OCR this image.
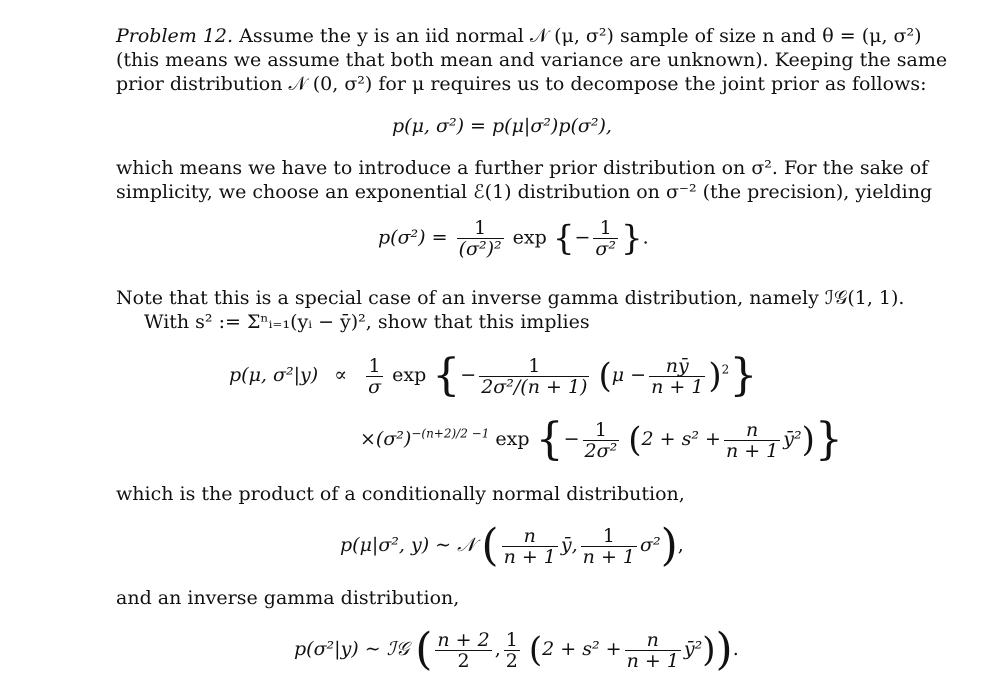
Problem 12. Assume the y is an iid normal 𝒩 (μ, σ²) sample of size n and θ = (μ, σ²)
(this means we assume that both mean and variance are unknown). Keeping the same
prior distribution 𝒩 (0, σ²) for μ requires us to decompose the joint prior as follows:
p(μ, σ²) = p(μ|σ²)p(σ²),
which means we have to introduce a further prior distribution on σ². For the sake of
simplicity, we choose an exponential ℰ(1) distribution on σ⁻² (the precision), yielding
$p(\sigma^2) = \frac{1}{\text{(σ²)²}}$ exp {− $\frac{1}{\text{σ²}}$ }.
Note that this is a special case of an inverse gamma distribution, namely ℐ𝒢(1, 1).
With s² := Σⁿᵢ₌₁(yᵢ − ȳ)², show that this implies
p(μ, $\sigma^2|y) \propto \frac{1}{\sigma}$ exp {− $\frac{1}{\text{2σ²/(n + 1)}} (\mu - \frac{nȳ}{n + 1} )^2$}
$\times(\sigma^2)^{-(n+2)/2 -1}$ exp {− $\frac{1}{\text{2σ²}} (2 + s^2 + \frac{n}{n + 1}$ ȳ²)}
which is the product of a conditionally normal distribution,
p(μ|σ², y) ∼ 𝒩 ( $\frac{n}{n + 1}$ ȳ, $\frac{1}{n + 1} \sigma^2$),
and an inverse gamma distribution,
p(σ²|y) ∼ ℐ𝒢 ( $\frac{n + 2}{2}$ , $\frac{1}{2} (2 + s^2 + \frac{n}{n + 1}$ ȳ²)).
